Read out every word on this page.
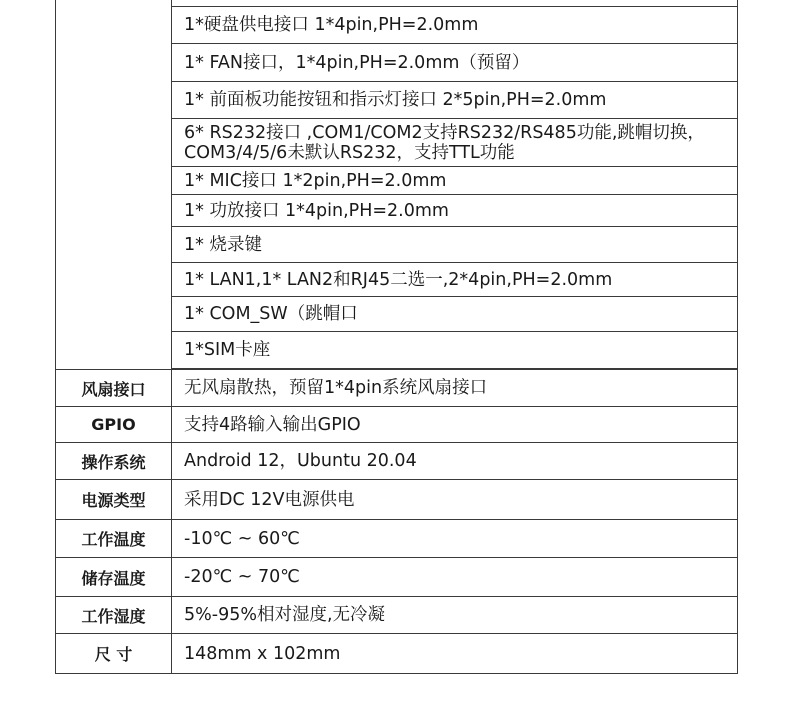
	1*硬盘供电接口 1*4pin,PH=2.0mm
	1* FAN接口，1*4pin,PH=2.0mm（预留）
	1* 前面板功能按钮和指示灯接口 2*5pin,PH=2.0mm

	6* RS232接口 ,COM1/COM2支持RS232/RS485功能,跳帽切换，
COM3/4/5/6未默认RS232，支持TTL功能

	1* MIC接口 1*2pin,PH=2.0mm
	1* 功放接口 1*4pin,PH=2.0mm
	1* 烧录键
	1* LAN1,1* LAN2和RJ45二选一,2*4pin,PH=2.0mm
	1* COM_SW（跳帽口
	1*SIM卡座

风扇接口	无风扇散热，预留1*4pin系统风扇接口
GPIO	支持4路输入输出GPIO
操作系统	Android 12，Ubuntu 20.04
电源类型	采用DC 12V电源供电
工作温度	-10℃ ~ 60℃
储存温度	-20℃ ~ 70℃
工作湿度	5%-95%相对湿度,无冷凝
尺 寸	148mm x 102mm
